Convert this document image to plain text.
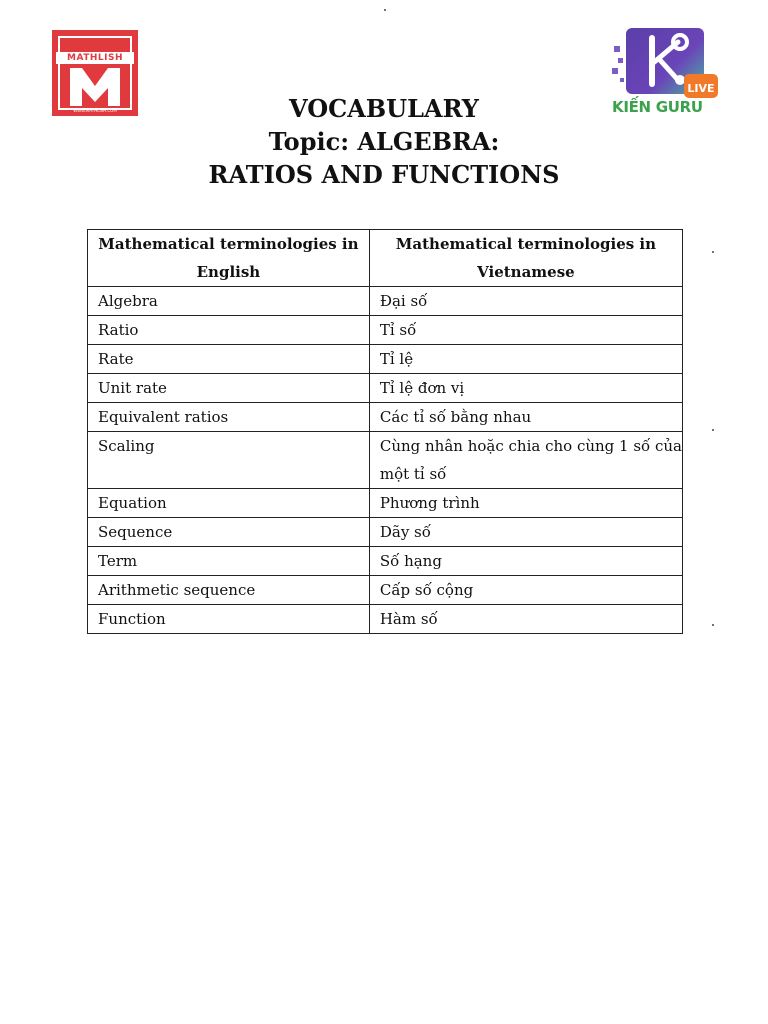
MATHLISH
WWW.MATHLISH.COM
LIVE
KIẾN GURU
VOCABULARY
Topic: ALGEBRA:
RATIOS AND FUNCTIONS
Mathematical terminologies in English	Mathematical terminologies in Vietnamese
Algebra	Đại số
Ratio	Tỉ số
Rate	Tỉ lệ
Unit rate	Tỉ lệ đơn vị
Equivalent ratios	Các tỉ số bằng nhau
Scaling	Cùng nhân hoặc chia cho cùng 1 số của
một tỉ số

Equation	Phương trình
Sequence	Dãy số
Term	Số hạng
Arithmetic sequence	Cấp số cộng
Function	Hàm số
